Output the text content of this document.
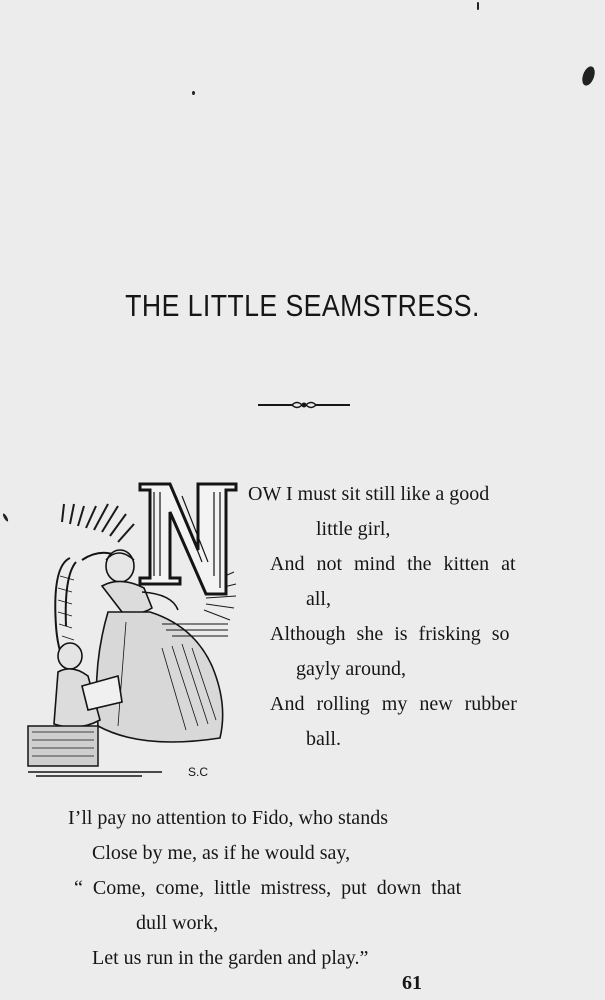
THE LITTLE SEAMSTRESS.
N
S.C
OW I must sit still like a good
little girl,
And not mind the kitten at
all,
Although she is frisking so
gayly around,
And rolling my new rubber
ball.
I’ll pay no attention to Fido, who stands
Close by me, as if he would say,
“ Come, come, little mistress, put down that
dull work,
Let us run in the garden and play.”
61
